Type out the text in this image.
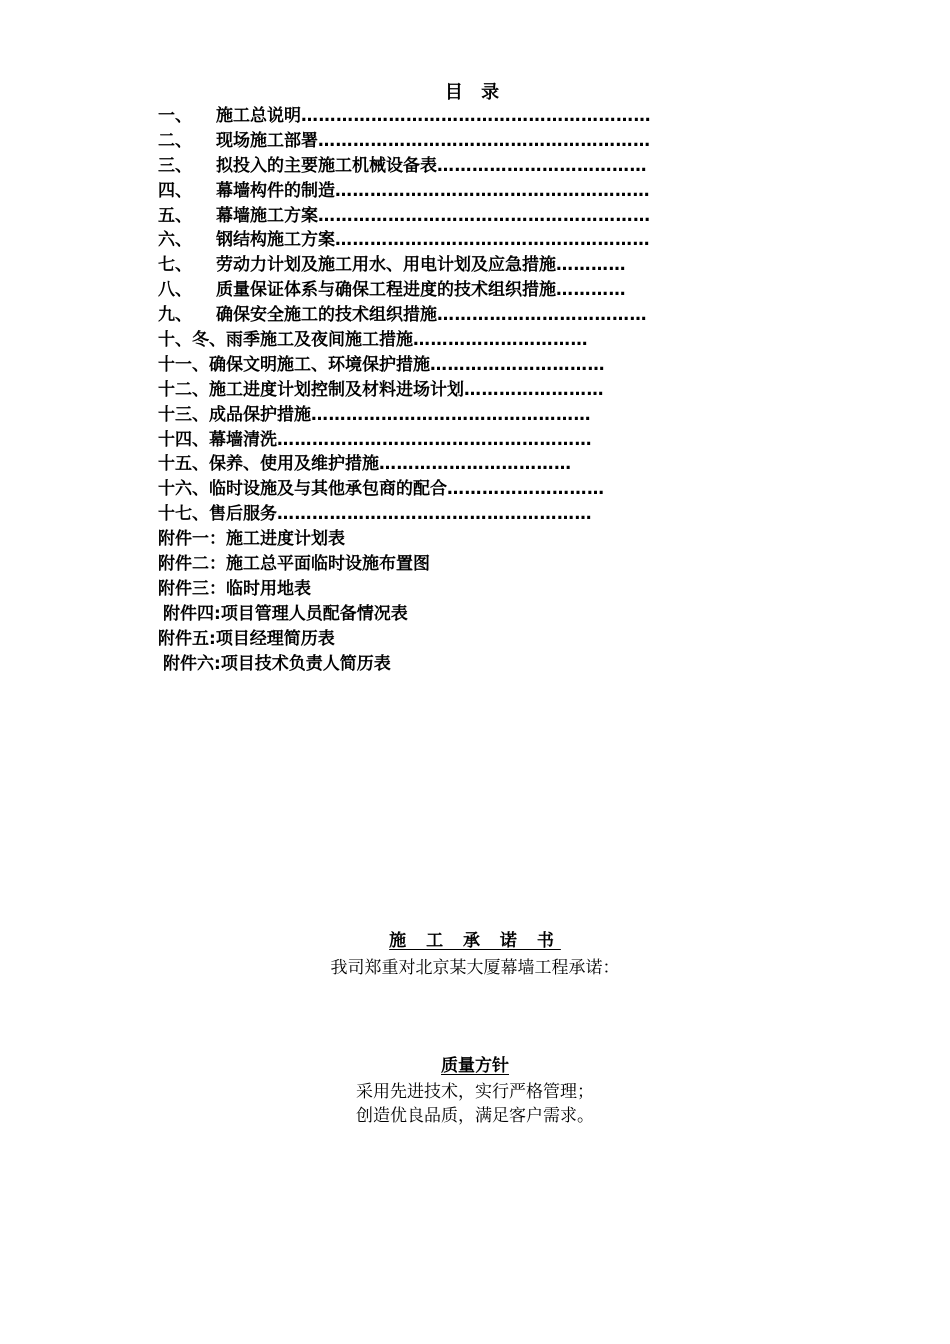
目 录
一、 施工总说明……………………………………………………
二、 现场施工部署…………………………………………………
三、 拟投入的主要施工机械设备表………………………………
四、 幕墙构件的制造………………………………………………
五、 幕墙施工方案…………………………………………………
六、 钢结构施工方案………………………………………………
七、 劳动力计划及施工用水、用电计划及应急措施…………
八、 质量保证体系与确保工程进度的技术组织措施…………
九、 确保安全施工的技术组织措施………………………………
十、冬、雨季施工及夜间施工措施…………………………
十一、确保文明施工、环境保护措施…………………………
十二、施工进度计划控制及材料进场计划……………………
十三、成品保护措施…………………………………………
十四、幕墙清洗………………………………………………
十五、保养、使用及维护措施……………………………
十六、临时设施及与其他承包商的配合………………………
十七、售后服务………………………………………………
附件一：施工进度计划表
附件二：施工总平面临时设施布置图
附件三：临时用地表
附件四:项目管理人员配备情况表
附件五:项目经理简历表
附件六:项目技术负责人简历表
施 工 承 诺 书
我司郑重对北京某大厦幕墙工程承诺：
质量方针
采用先进技术，实行严格管理；
创造优良品质，满足客户需求。
